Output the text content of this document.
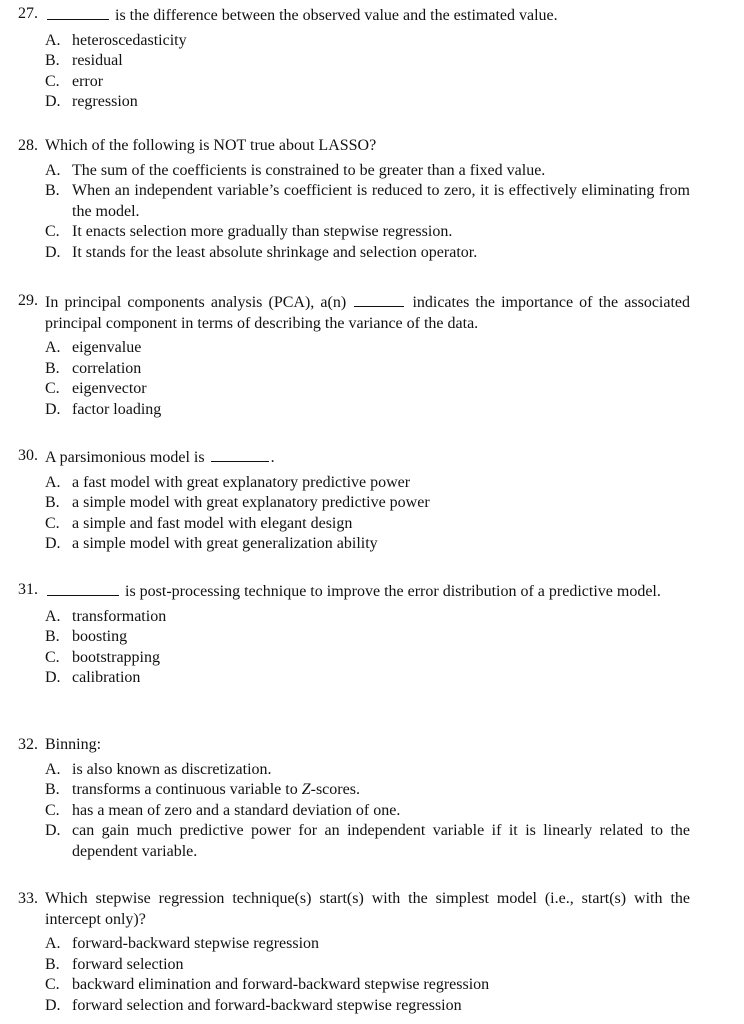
27.	is the difference between the observed value and the estimated value.
A. heteroscedasticity
B. residual
C. error
D. regression
28. Which of the following is NOT true about LASSO?
A. The sum of the coefficients is constrained to be greater than a fixed value.
B. When an independent variable’s coefficient is reduced to zero, it is effectively eliminating from the model.
C. It enacts selection more gradually than stepwise regression.
D. It stands for the least absolute shrinkage and selection operator.
29. In principal components analysis (PCA), a(n)	indicates the importance of the associated principal component in terms of describing the variance of the data.
A. eigenvalue
B. correlation
C. eigenvector
D. factor loading
30. A parsimonious model is	.
A. a fast model with great explanatory predictive power
B. a simple model with great explanatory predictive power
C. a simple and fast model with elegant design
D. a simple model with great generalization ability
31.	is post-processing technique to improve the error distribution of a predictive model.
A. transformation
B. boosting
C. bootstrapping
D. calibration
32. Binning:
A. is also known as discretization.
B. transforms a continuous variable to Z-scores.
C. has a mean of zero and a standard deviation of one.
D. can gain much predictive power for an independent variable if it is linearly related to the dependent variable.
33. Which stepwise regression technique(s) start(s) with the simplest model (i.e., start(s) with the intercept only)?
A. forward-backward stepwise regression
B. forward selection
C. backward elimination and forward-backward stepwise regression
D. forward selection and forward-backward stepwise regression
